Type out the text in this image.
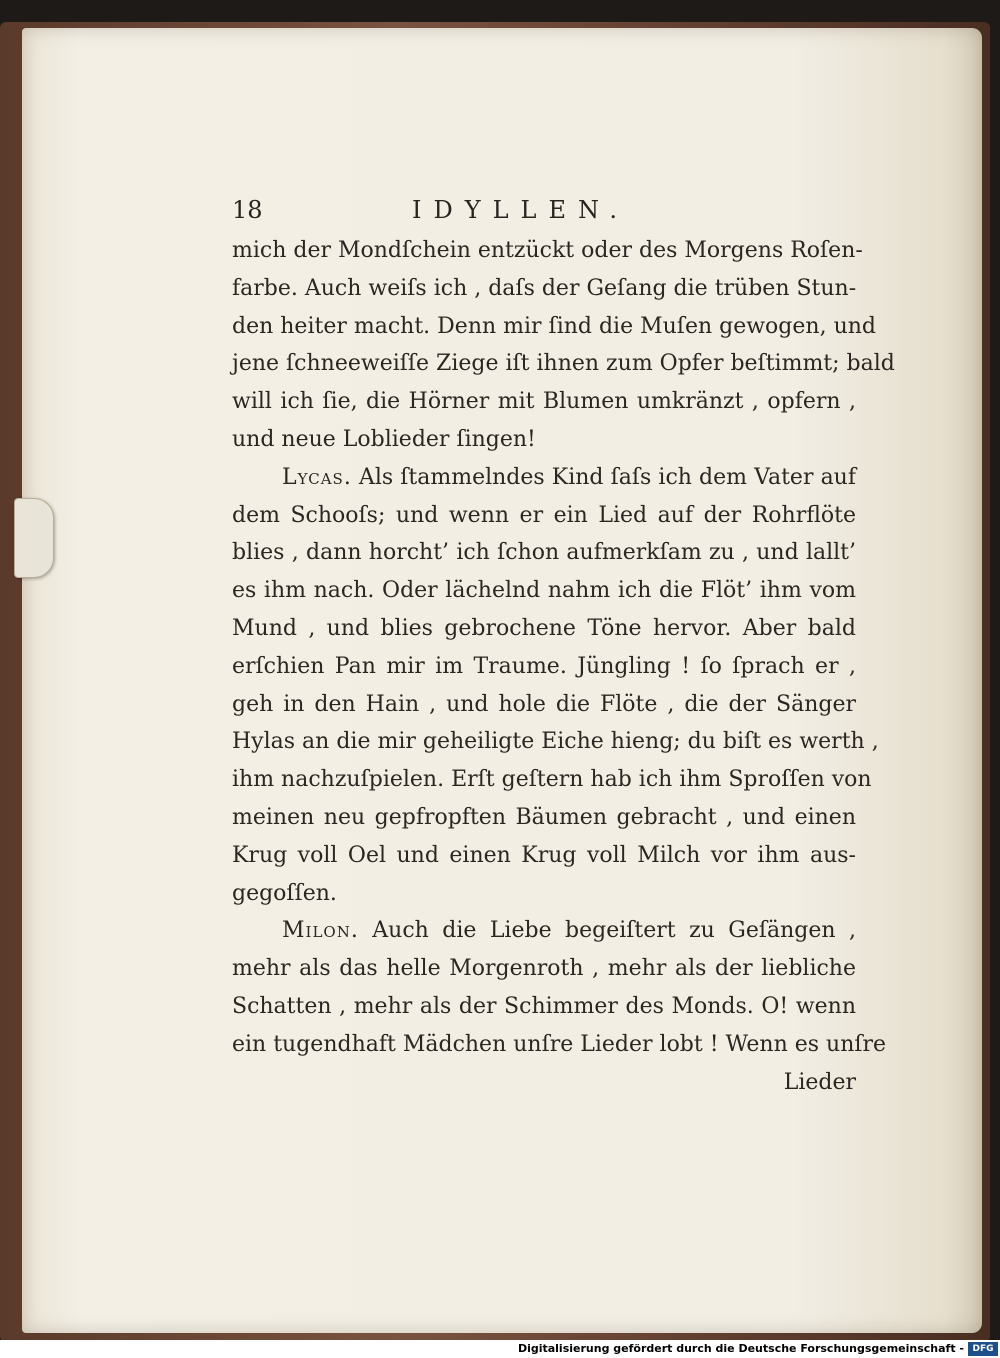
18	IDYLLEN.
mich der Mondſchein entzückt oder des Morgens Roſen-
farbe. Auch weiſs ich , daſs der Geſang die trüben Stun-
den heiter macht. Denn mir ſind die Muſen gewogen, und
jene ſchneeweiſſe Ziege iſt ihnen zum Opfer beſtimmt; bald
will ich ſie, die Hörner mit Blumen umkränzt , opfern ,
und neue Loblieder ſingen!
Lycas. Als ſtammelndes Kind ſaſs ich dem Vater auf
dem Schooſs; und wenn er ein Lied auf der Rohrflöte
blies , dann horcht’ ich ſchon aufmerkſam zu , und lallt’
es ihm nach. Oder lächelnd nahm ich die Flöt’ ihm vom
Mund , und blies gebrochene Töne hervor. Aber bald
erſchien Pan mir im Traume. Jüngling ! ſo ſprach er ,
geh in den Hain , und hole die Flöte , die der Sänger
Hylas an die mir geheiligte Eiche hieng; du biſt es werth ,
ihm nachzuſpielen. Erſt geſtern hab ich ihm Sproſſen von
meinen neu gepfropften Bäumen gebracht , und einen
Krug voll Oel und einen Krug voll Milch vor ihm aus-
gegoſſen.
Milon. Auch die Liebe begeiſtert zu Geſängen ,
mehr als das helle Morgenroth , mehr als der liebliche
Schatten , mehr als der Schimmer des Monds. O! wenn
ein tugendhaft Mädchen unſre Lieder lobt ! Wenn es unſre
Lieder
Digitalisierung gefördert durch die Deutsche Forschungsgemeinschaft - DFG
